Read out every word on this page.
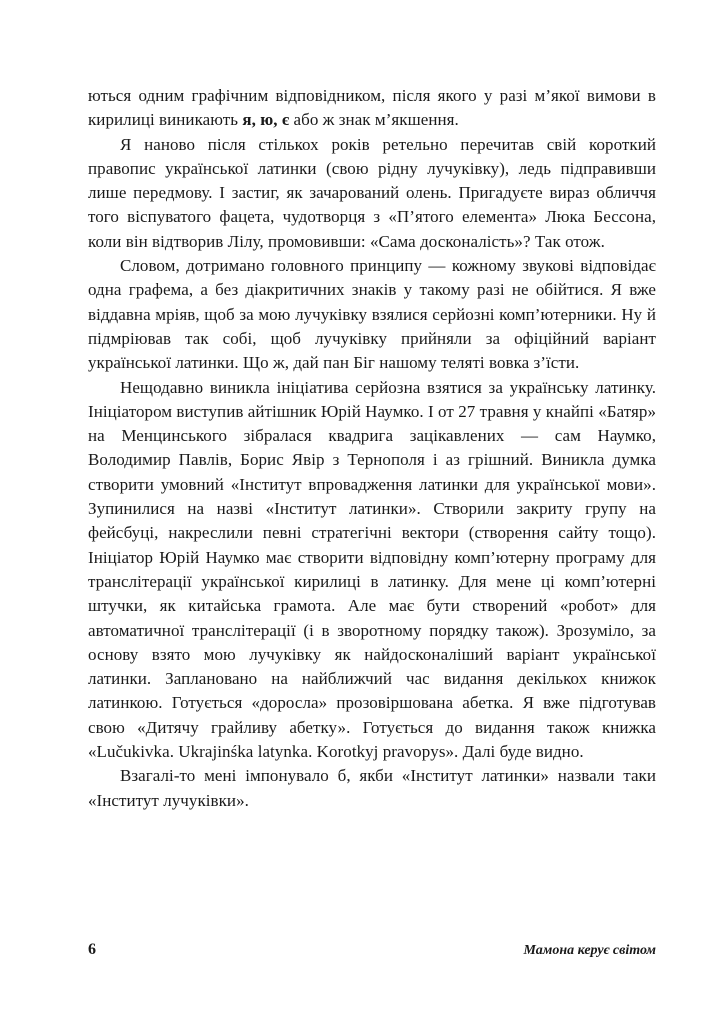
ються одним графічним відповідником, після якого у разі м’якої вимови в кирилиці виникають я, ю, є або ж знак м’якшення.

Я наново після стількох років ретельно перечитав свій короткий правопис української латинки (свою рідну лучуківку), ледь підправивши лише передмову. І застиг, як зачарований олень. Пригадуєте вираз обличчя того віспуватого фацета, чудотворця з «П’ятого елемента» Люка Бессона, коли він відтворив Лілу, промовивши: «Сама досконалість»? Так отож.

Словом, дотримано головного принципу — кожному звукові відповідає одна графема, а без діакритичних знаків у такому разі не обійтися. Я вже віддавна мріяв, щоб за мою лучуківку взялися серйозні комп’ютерники. Ну й підмріював так собі, щоб лучуківку прийняли за офіційний варіант української латинки. Що ж, дай пан Біг нашому теляті вовка з’їсти.

Нещодавно виникла ініціатива серйозна взятися за українську латинку. Ініціатором виступив айтішник Юрій Наумко. І от 27 травня у кнайпі «Батяр» на Менцинського зібралася квадрига зацікавлених — сам Наумко, Володимир Павлів, Борис Явір з Тернополя і аз грішний. Виникла думка створити умовний «Інститут впровадження латинки для української мови». Зупинилися на назві «Інститут латинки». Створили закриту групу на фейсбуці, накреслили певні стратегічні вектори (створення сайту тощо). Ініціатор Юрій Наумко має створити відповідну комп’ютерну програму для транслітерації української кирилиці в латинку. Для мене ці комп’ютерні штучки, як китайська грамота. Але має бути створений «робот» для автоматичної транслітерації (і в зворотному порядку також). Зрозуміло, за основу взято мою лучуківку як найдосконаліший варіант української латинки. Заплановано на найближчий час видання декількох книжок латинкою. Готується «доросла» прозовіршована абетка. Я вже підготував свою «Дитячу грайливу абетку». Готується до видання також книжка «Lučukivka. Ukrajinśka latynka. Korotkyj pravopys». Далі буде видно.

Взагалі-то мені імпонувало б, якби «Інститут латинки» назвали таки «Інститут лучуківки».

6	Мамона керує світом
